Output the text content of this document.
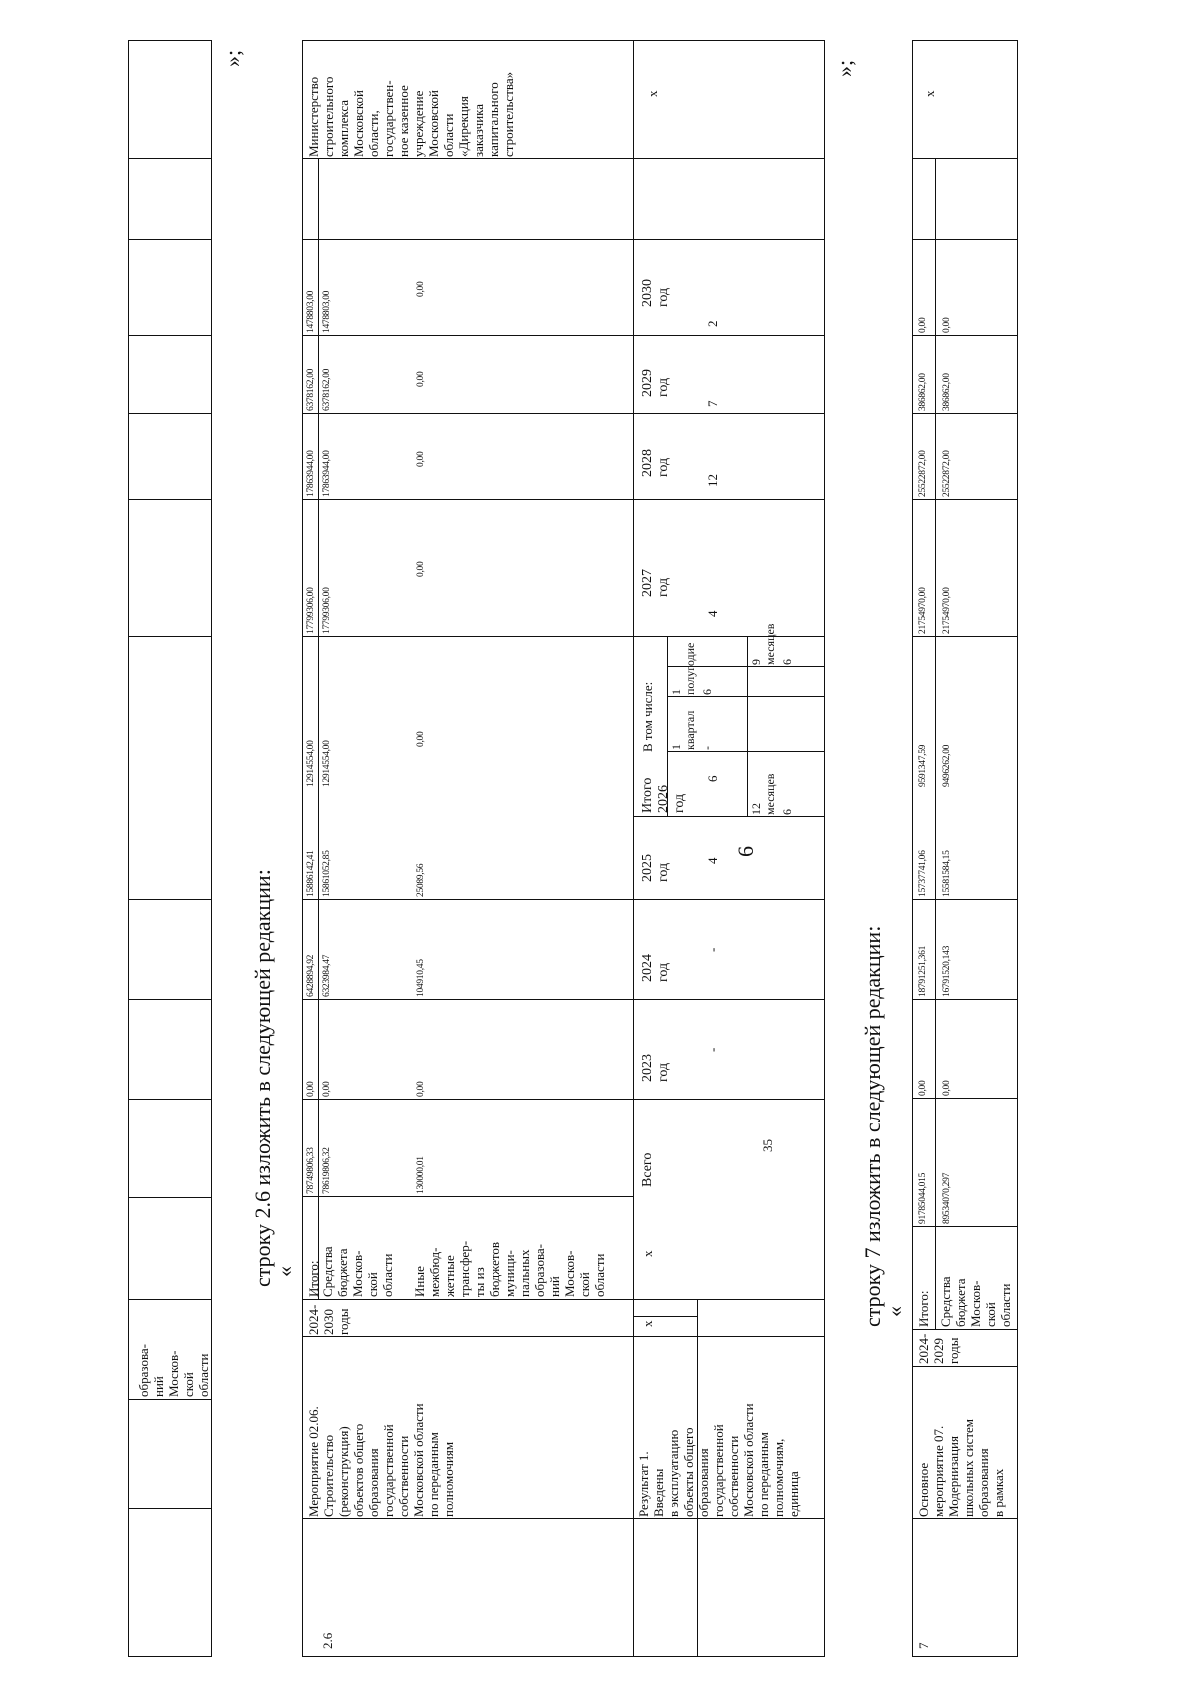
6
образова-
ний
Москов-
ской
области
»;
строку 2.6 изложить в следующей редакции:
«
2.6
Мероприятие 02.06.
Строительство
(реконструкция)
объектов общего
образования
государственной
собственности
Московской области
по переданным
полномочиям
2024-
2030
годы
Министерство
строительного
комплекса
Московской
области,
государствен-
ное казенное
учреждение
Московской
области
«Дирекция
заказчика
капитального
строительства»	х
Итого: Средства
бюджета
Москов-
ской
области Иные
межбюд-
жетные
трансфер-
ты из
бюджетов
муници-
пальных
образова-
ний
Москов-
ской
области
78749806,33
0,00
6428894,92
15886142,41
12914554,00
17799306,00
17863944,00
6378162,00
1478803,00
78619806,32
0,00
6323984,47
15861052,85
12914554,00
17799306,00
17863944,00
6378162,00
1478803,00
130000,01
0,00
104910,45
25089,56
0,00
0,00
0,00
0,00
0,00
Результат 1.
Введены
в эксплуатацию
объекты общего
образования
государственной
собственности
Московской области
по переданным
полномочиям,
единица
х
х
Всего
2023
год
2024
год
2025
год
Итого
2026
год
2027
год
2028
год
2029
год
2030
год
35
-
-
4
6
4
12
7
2
В том числе: 1
квартал -
1
полугодие 6
9
месяцев 6
12
месяцев 6
»;
строку 7 изложить в следующей редакции:
«
7
Основное
мероприятие 07.
Модернизация
школьных систем
образования
в рамках
2024-
2029
годы
х
Итого: Средства
бюджета
Москов-
ской
области
91785044,015
0,00
18791251,361
15737741,06
9591347,59
21754970,00
25522872,00
386862,00
0,00
89534070,297
0,00
16791520,143
15581584,15
9496262,00
21754970,00
25522872,00
386862,00
0,00
